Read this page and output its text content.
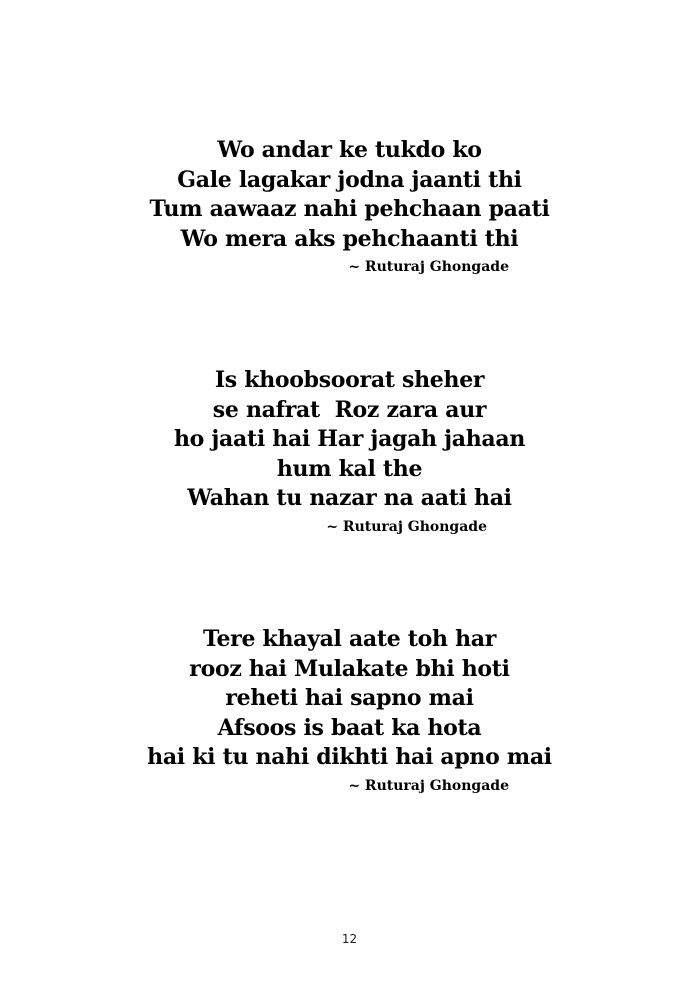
Wo andar ke tukdo ko
Gale lagakar jodna jaanti thi
Tum aawaaz nahi pehchaan paati
Wo mera aks pehchaanti thi
~ Ruturaj Ghongade
Is khoobsoorat sheher
se nafrat  Roz zara aur
ho jaati hai Har jagah jahaan
hum kal the
Wahan tu nazar na aati hai
~ Ruturaj Ghongade
Tere khayal aate toh har
rooz hai Mulakate bhi hoti
reheti hai sapno mai
Afsoos is baat ka hota
hai ki tu nahi dikhti hai apno mai
~ Ruturaj Ghongade
12
